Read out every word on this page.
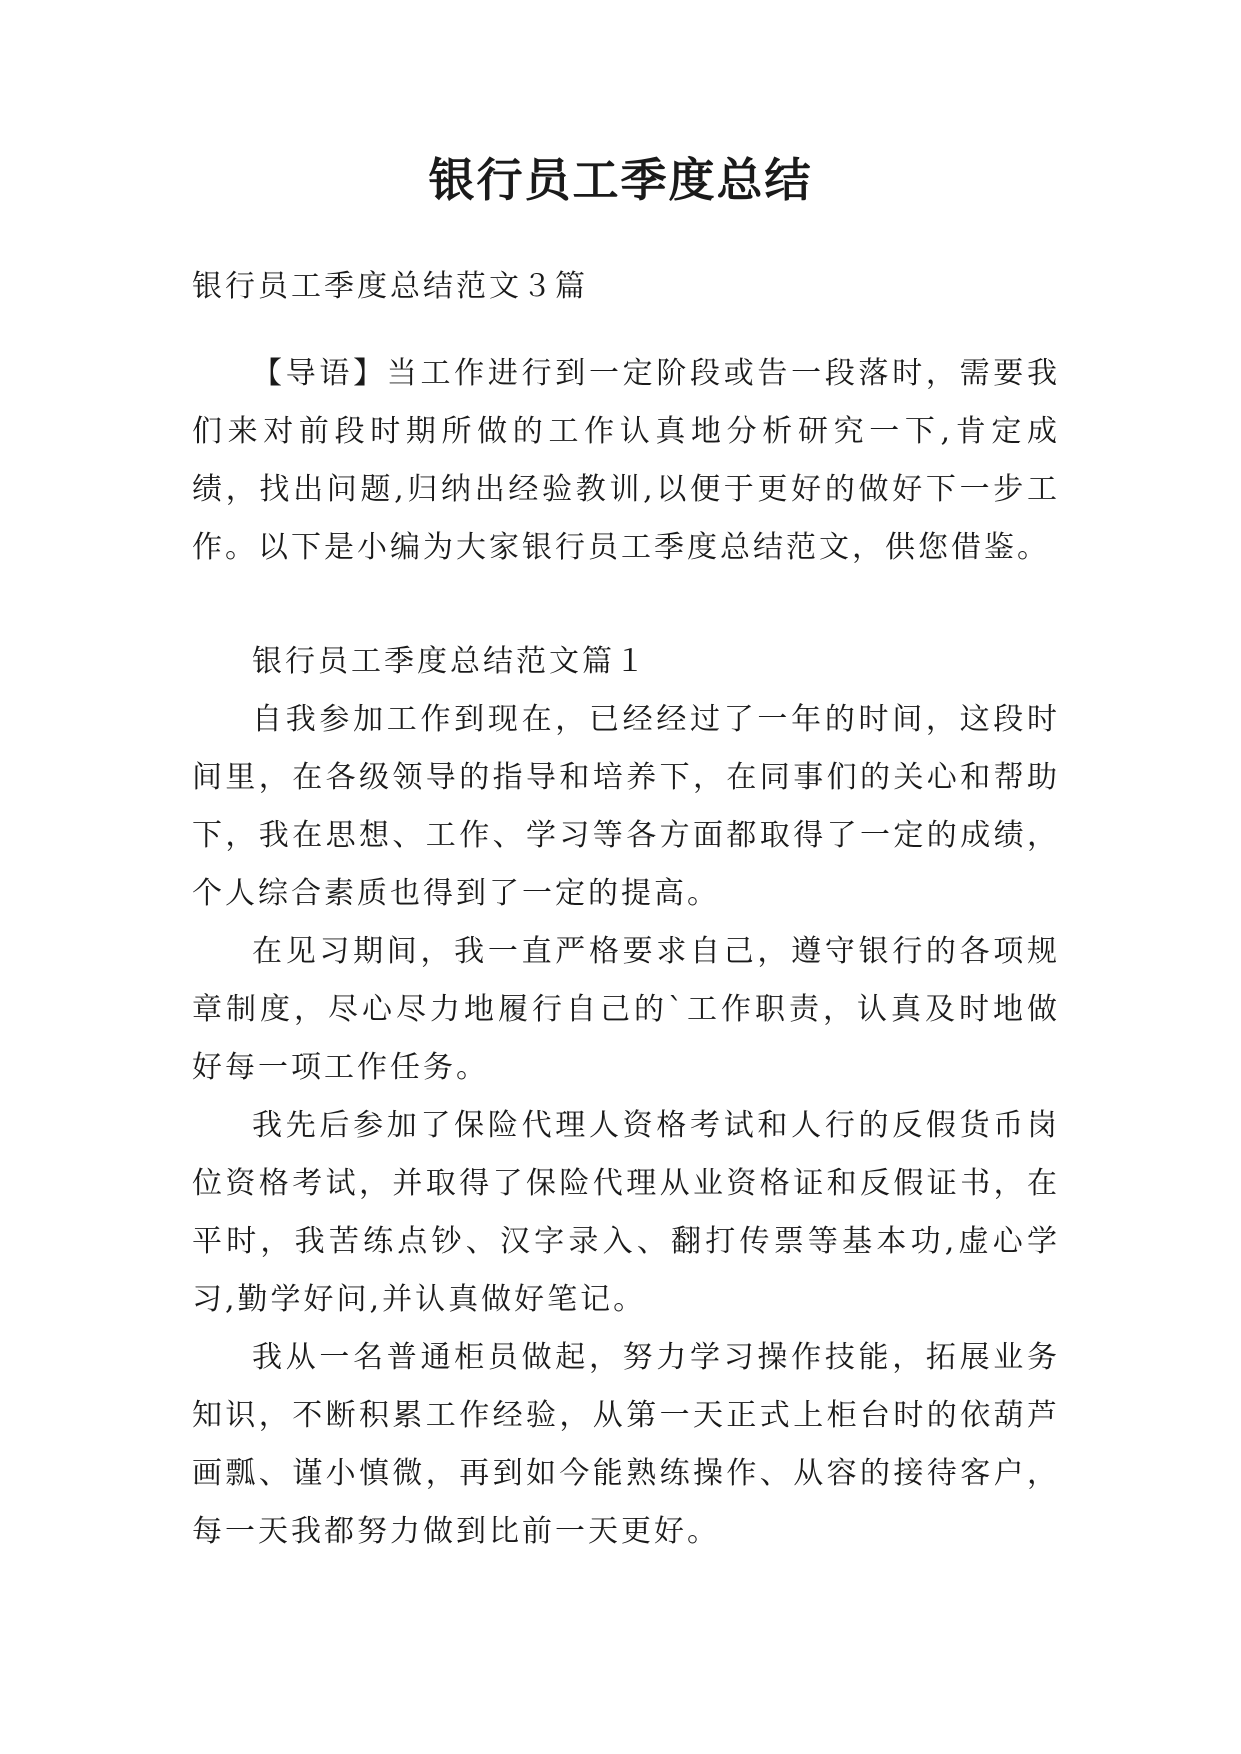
银行员工季度总结

银行员工季度总结范文３篇

【导语】当工作进行到一定阶段或告一段落时，需要我们来对前段时期所做的工作认真地分析研究一下,肯定成绩，找出问题,归纳出经验教训,以便于更好的做好下一步工作。以下是小编为大家银行员工季度总结范文，供您借鉴。

银行员工季度总结范文篇１

自我参加工作到现在，已经经过了一年的时间，这段时间里，在各级领导的指导和培养下，在同事们的关心和帮助下，我在思想、工作、学习等各方面都取得了一定的成绩，个人综合素质也得到了一定的提高。

在见习期间，我一直严格要求自己，遵守银行的各项规章制度，尽心尽力地履行自己的`工作职责，认真及时地做好每一项工作任务。

我先后参加了保险代理人资格考试和人行的反假货币岗位资格考试，并取得了保险代理从业资格证和反假证书，在平时，我苦练点钞、汉字录入、翻打传票等基本功,虚心学习,勤学好问,并认真做好笔记。

我从一名普通柜员做起，努力学习操作技能，拓展业务知识，不断积累工作经验，从第一天正式上柜台时的依葫芦画瓢、谨小慎微，再到如今能熟练操作、从容的接待客户，每一天我都努力做到比前一天更好。
